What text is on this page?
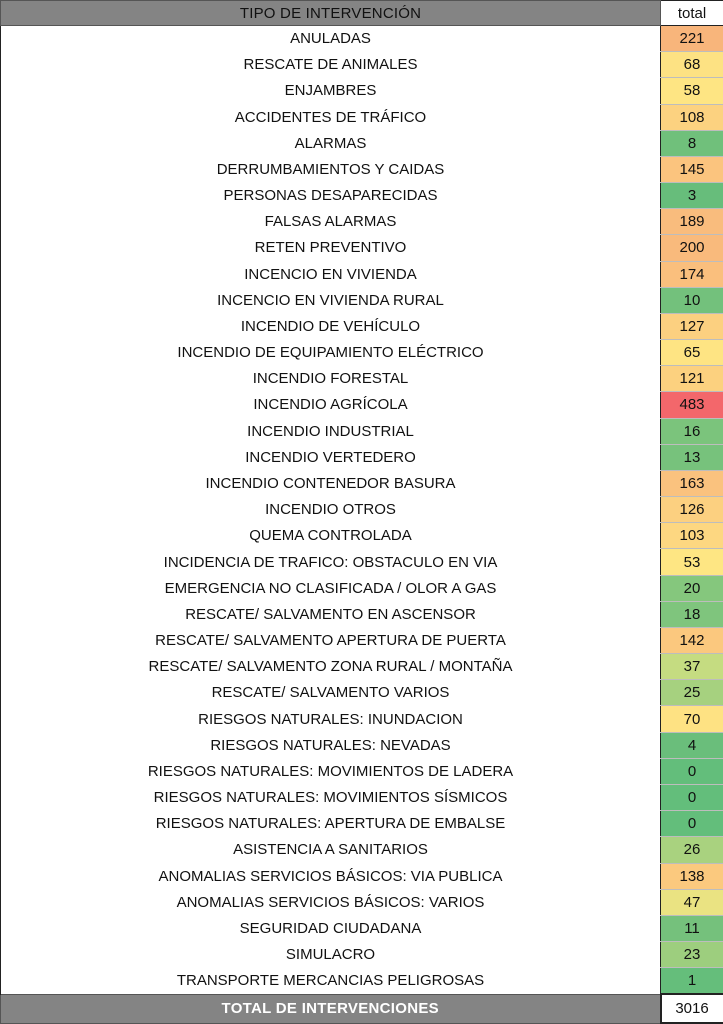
TIPO DE INTERVENCIÓN	total
ANULADAS	221
RESCATE DE ANIMALES	68
ENJAMBRES	58
ACCIDENTES DE TRÁFICO	108
ALARMAS	8
DERRUMBAMIENTOS Y CAIDAS	145
PERSONAS DESAPARECIDAS	3
FALSAS ALARMAS	189
RETEN PREVENTIVO	200
INCENCIO EN VIVIENDA	174
INCENCIO EN VIVIENDA RURAL	10
INCENDIO DE VEHÍCULO	127
INCENDIO DE EQUIPAMIENTO ELÉCTRICO	65
INCENDIO FORESTAL	121
INCENDIO AGRÍCOLA	483
INCENDIO INDUSTRIAL	16
INCENDIO VERTEDERO	13
INCENDIO CONTENEDOR BASURA	163
INCENDIO OTROS	126
QUEMA CONTROLADA	103
INCIDENCIA DE TRAFICO: OBSTACULO EN VIA	53
EMERGENCIA NO CLASIFICADA / OLOR A GAS	20
RESCATE/ SALVAMENTO EN ASCENSOR	18
RESCATE/ SALVAMENTO APERTURA DE PUERTA	142
RESCATE/ SALVAMENTO ZONA RURAL / MONTAÑA	37
RESCATE/ SALVAMENTO VARIOS	25
RIESGOS NATURALES: INUNDACION	70
RIESGOS NATURALES: NEVADAS	4
RIESGOS NATURALES: MOVIMIENTOS DE LADERA	0
RIESGOS NATURALES: MOVIMIENTOS SÍSMICOS	0
RIESGOS NATURALES: APERTURA DE EMBALSE	0
ASISTENCIA A SANITARIOS	26
ANOMALIAS SERVICIOS BÁSICOS: VIA PUBLICA	138
ANOMALIAS SERVICIOS BÁSICOS: VARIOS	47
SEGURIDAD CIUDADANA	11
SIMULACRO	23
TRANSPORTE MERCANCIAS PELIGROSAS	1
TOTAL DE INTERVENCIONES	3016
